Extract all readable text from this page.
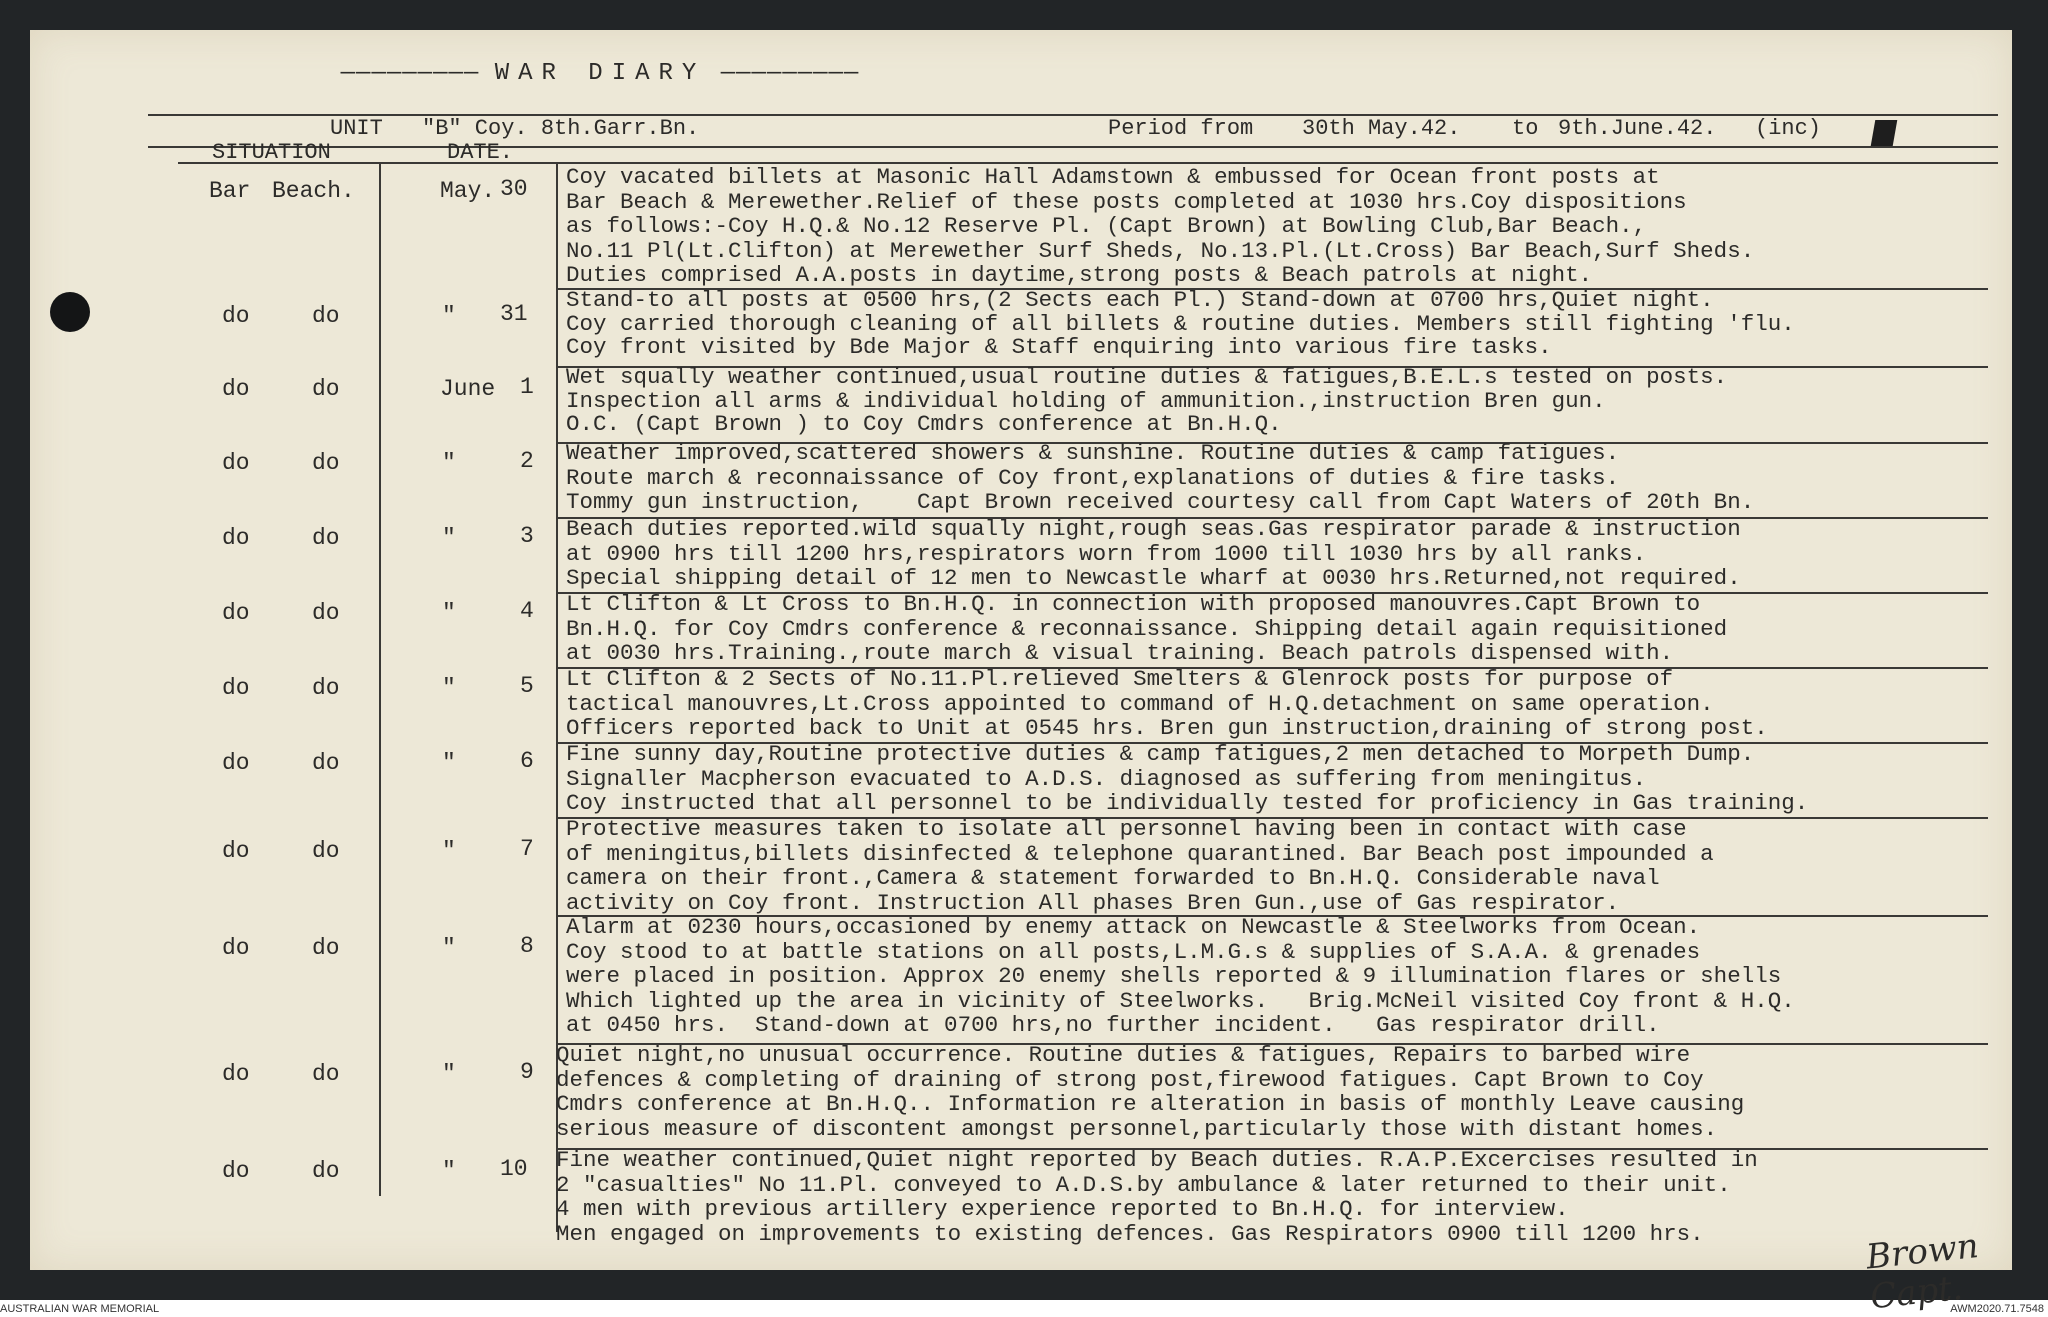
————————— WAR DIARY —————————
UNIT "B" Coy. 8th.Garr.Bn.	Period from 30th May.42. to 9th.June.42. (inc)
SITUATION	DATE.
Bar Beach.	May. 30 Coy vacated billets at Masonic Hall Adamstown & embussed for Ocean front posts at
Bar Beach & Merewether.Relief of these posts completed at 1030 hrs.Coy dispositions
as follows:-Coy H.Q.& No.12 Reserve Pl. (Capt Brown) at Bowling Club,Bar Beach.,
No.11 Pl(Lt.Clifton) at Merewether Surf Sheds, No.13.Pl.(Lt.Cross) Bar Beach,Surf Sheds.
Duties comprised A.A.posts in daytime,strong posts & Beach patrols at night.
do	do	" 31
Stand-to all posts at 0500 hrs,(2 Sects each Pl.) Stand-down at 0700 hrs,Quiet night.
Coy carried thorough cleaning of all billets & routine duties. Members still fighting 'flu.
Coy front visited by Bde Major & Staff enquiring into various fire tasks.
do	do	June 1 Wet squally weather continued,usual routine duties & fatigues,B.E.L.s tested on posts.
Inspection all arms & individual holding of ammunition.,instruction Bren gun.
O.C. (Capt Brown ) to Coy Cmdrs conference at Bn.H.Q.
do	do	"	2 Weather improved,scattered showers & sunshine. Routine duties & camp fatigues.
Route march & reconnaissance of Coy front,explanations of duties & fire tasks.
Tommy gun instruction,    Capt Brown received courtesy call from Capt Waters of 20th Bn.
do	do	"	3 Beach duties reported.wild squally night,rough seas.Gas respirator parade & instruction
at 0900 hrs till 1200 hrs,respirators worn from 1000 till 1030 hrs by all ranks.
Special shipping detail of 12 men to Newcastle wharf at 0030 hrs.Returned,not required.
do	do	"	4 Lt Clifton & Lt Cross to Bn.H.Q. in connection with proposed manouvres.Capt Brown to
Bn.H.Q. for Coy Cmdrs conference & reconnaissance. Shipping detail again requisitioned
at 0030 hrs.Training.,route march & visual training. Beach patrols dispensed with.
do	do	"	5 Lt Clifton & 2 Sects of No.11.Pl.relieved Smelters & Glenrock posts for purpose of
tactical manouvres,Lt.Cross appointed to command of H.Q.detachment on same operation.
Officers reported back to Unit at 0545 hrs. Bren gun instruction,draining of strong post.
do	do	"	6 Fine sunny day,Routine protective duties & camp fatigues,2 men detached to Morpeth Dump.
Signaller Macpherson evacuated to A.D.S. diagnosed as suffering from meningitus.
Coy instructed that all personnel to be individually tested for proficiency in Gas training.
do	do	"	7
Protective measures taken to isolate all personnel having been in contact with case
of meningitus,billets disinfected & telephone quarantined. Bar Beach post impounded a
camera on their front.,Camera & statement forwarded to Bn.H.Q. Considerable naval
activity on Coy front. Instruction All phases Bren Gun.,use of Gas respirator.
do	do	"	8
Alarm at 0230 hours,occasioned by enemy attack on Newcastle & Steelworks from Ocean.
Coy stood to at battle stations on all posts,L.M.G.s & supplies of S.A.A. & grenades
were placed in position. Approx 20 enemy shells reported & 9 illumination flares or shells
Which lighted up the area in vicinity of Steelworks.   Brig.McNeil visited Coy front & H.Q.
at 0450 hrs.  Stand-down at 0700 hrs,no further incident.   Gas respirator drill.
do	do	"	9
Quiet night,no unusual occurrence. Routine duties & fatigues, Repairs to barbed wire
defences & completing of draining of strong post,firewood fatigues. Capt Brown to Coy
Cmdrs conference at Bn.H.Q.. Information re alteration in basis of monthly Leave causing
serious measure of discontent amongst personnel,particularly those with distant homes.
do	do	" 10 Fine weather continued,Quiet night reported by Beach duties. R.A.P.Excercises resulted in
2 "casualties" No 11.Pl. conveyed to A.D.S.by ambulance & later returned to their unit.
4 men with previous artillery experience reported to Bn.H.Q. for interview.
Men engaged on improvements to existing defences. Gas Respirators 0900 till 1200 hrs.	Brown Capt.
AUSTRALIAN WAR MEMORIAL	AWM2020.71.7548
